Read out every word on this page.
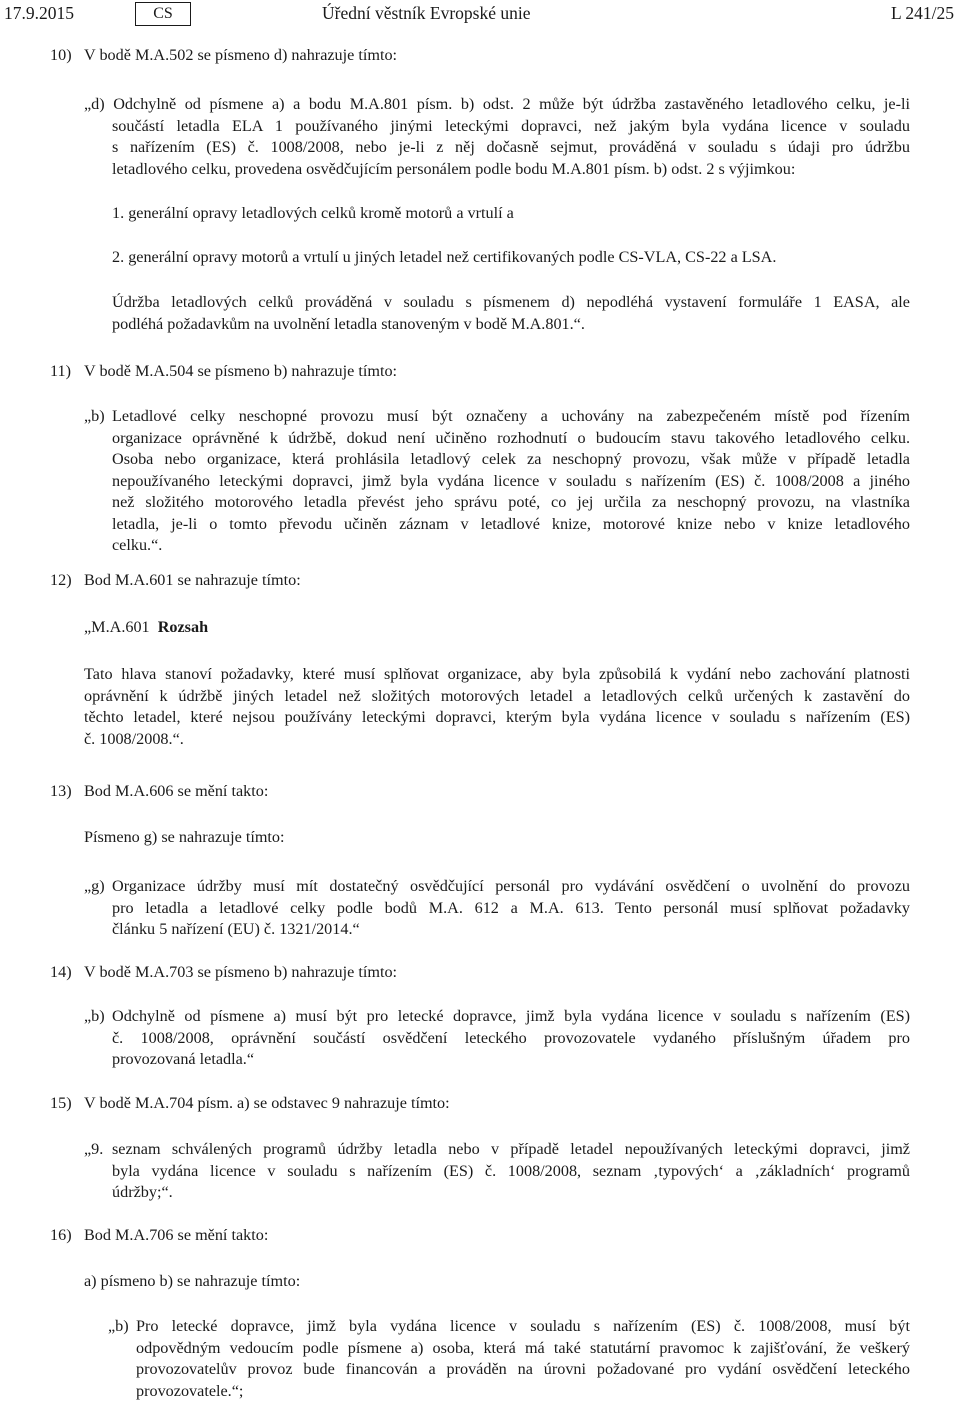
17.9.2015	CS	Úřední věstník Evropské unie	L 241/25
10) V bodě M.A.502 se písmeno d) nahrazuje tímto:
„d) Odchylně od písmene a) a bodu M.A.801 písm. b) odst. 2 může být údržba zastavěného letadlového celku, je-li
součástí letadla ELA 1 používaného jinými leteckými dopravci, než jakým byla vydána licence v souladu
s nařízením (ES) č. 1008/2008, nebo je-li z něj dočasně sejmut, prováděná v souladu s údaji pro údržbu
letadlového celku, provedena osvědčujícím personálem podle bodu M.A.801 písm. b) odst. 2 s výjimkou:
1. generální opravy letadlových celků kromě motorů a vrtulí a
2. generální opravy motorů a vrtulí u jiných letadel než certifikovaných podle CS-VLA, CS-22 a LSA.
Údržba letadlových celků prováděná v souladu s písmenem d) nepodléhá vystavení formuláře 1 EASA, ale
podléhá požadavkům na uvolnění letadla stanoveným v bodě M.A.801.“.
11) V bodě M.A.504 se písmeno b) nahrazuje tímto:
„b) Letadlové celky neschopné provozu musí být označeny a uchovány na zabezpečeném místě pod řízením
organizace oprávněné k údržbě, dokud není učiněno rozhodnutí o budoucím stavu takového letadlového celku.
Osoba nebo organizace, která prohlásila letadlový celek za neschopný provozu, však může v případě letadla
nepoužívaného leteckými dopravci, jimž byla vydána licence v souladu s nařízením (ES) č. 1008/2008 a jiného
než složitého motorového letadla převést jeho správu poté, co jej určila za neschopný provozu, na vlastníka
letadla, je-li o tomto převodu učiněn záznam v letadlové knize, motorové knize nebo v knize letadlového
celku.“.
12) Bod M.A.601 se nahrazuje tímto:
„M.A.601 Rozsah
Tato hlava stanoví požadavky, které musí splňovat organizace, aby byla způsobilá k vydání nebo zachování platnosti
oprávnění k údržbě jiných letadel než složitých motorových letadel a letadlových celků určených k zastavění do
těchto letadel, které nejsou používány leteckými dopravci, kterým byla vydána licence v souladu s nařízením (ES)
č. 1008/2008.“.
13) Bod M.A.606 se mění takto:
Písmeno g) se nahrazuje tímto:
„g) Organizace údržby musí mít dostatečný osvědčující personál pro vydávání osvědčení o uvolnění do provozu
pro letadla a letadlové celky podle bodů M.A. 612 a M.A. 613. Tento personál musí splňovat požadavky
článku 5 nařízení (EU) č. 1321/2014.“
14) V bodě M.A.703 se písmeno b) nahrazuje tímto:
„b) Odchylně od písmene a) musí být pro letecké dopravce, jimž byla vydána licence v souladu s nařízením (ES)
č. 1008/2008, oprávnění součástí osvědčení leteckého provozovatele vydaného příslušným úřadem pro
provozovaná letadla.“
15) V bodě M.A.704 písm. a) se odstavec 9 nahrazuje tímto:
„9. seznam schválených programů údržby letadla nebo v případě letadel nepoužívaných leteckými dopravci, jimž
byla vydána licence v souladu s nařízením (ES) č. 1008/2008, seznam ‚typových‘ a ‚základních‘ programů
údržby;“.
16) Bod M.A.706 se mění takto:
a) písmeno b) se nahrazuje tímto:
„b) Pro letecké dopravce, jimž byla vydána licence v souladu s nařízením (ES) č. 1008/2008, musí být
odpovědným vedoucím podle písmene a) osoba, která má také statutární pravomoc k zajišťování, že veškerý
provozovatelův provoz bude financován a prováděn na úrovni požadované pro vydání osvědčení leteckého
provozovatele.“;
